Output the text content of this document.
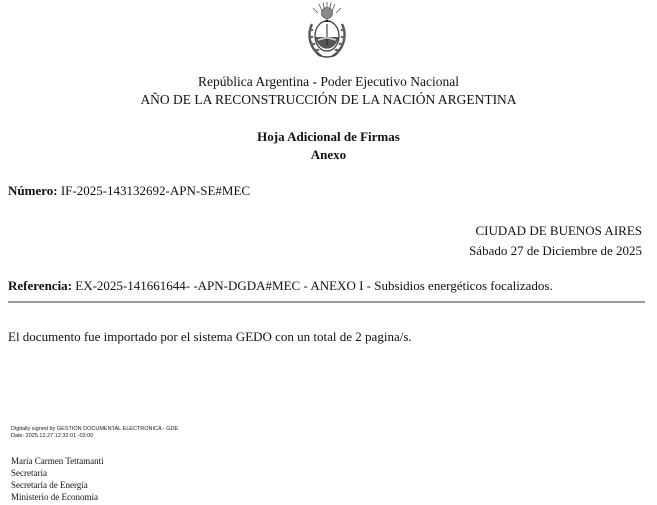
República Argentina - Poder Ejecutivo Nacional
AÑO DE LA RECONSTRUCCIÓN DE LA NACIÓN ARGENTINA
Hoja Adicional de Firmas
Anexo
Número: IF-2025-143132692-APN-SE#MEC
CIUDAD DE BUENOS AIRES
Sábado 27 de Diciembre de 2025
Referencia: EX-2025-141661644- -APN-DGDA#MEC - ANEXO I - Subsidios energéticos focalizados.
El documento fue importado por el sistema GEDO con un total de 2 pagina/s.
Digitally signed by GESTION DOCUMENTAL ELECTRONICA - GDE
Date: 2025.12.27 12:32:01 -03:00
María Carmen Tettamanti
Secretaria
Secretaría de Energía
Ministerio de Economía
